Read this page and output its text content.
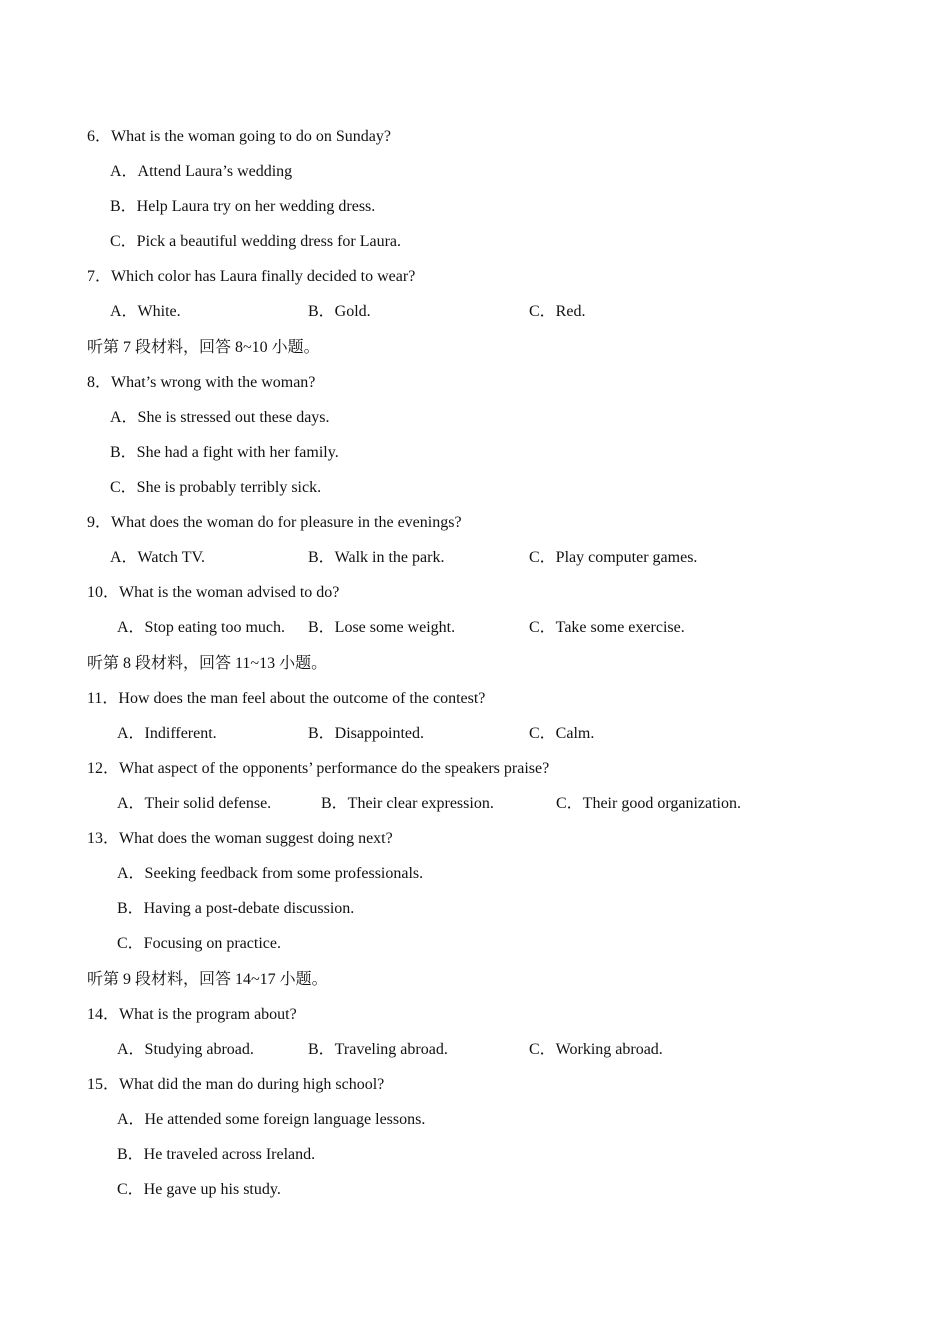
6．What is the woman going to do on Sunday?
A．Attend Laura’s wedding
B．Help Laura try on her wedding dress.
C．Pick a beautiful wedding dress for Laura.
7．Which color has Laura finally decided to wear?
A．White.	B．Gold.	C．Red.
听第 7 段材料，回答 8~10 小题。
8．What’s wrong with the woman?
A．She is stressed out these days.
B．She had a fight with her family.
C．She is probably terribly sick.
9．What does the woman do for pleasure in the evenings?
A．Watch TV.	B．Walk in the park.	C．Play computer games.
10．What is the woman advised to do?
A．Stop eating too much. B．Lose some weight.	C．Take some exercise.
听第 8 段材料，回答 11~13 小题。
11．How does the man feel about the outcome of the contest?
A．Indifferent.	B．Disappointed.	C．Calm.
12．What aspect of the opponents’ performance do the speakers praise?
A．Their solid defense.	B．Their clear expression.	C．Their good organization.
13．What does the woman suggest doing next?
A．Seeking feedback from some professionals.
B．Having a post-debate discussion.
C．Focusing on practice.
听第 9 段材料，回答 14~17 小题。
14．What is the program about?
A．Studying abroad.	B．Traveling abroad.	C．Working abroad.
15．What did the man do during high school?
A．He attended some foreign language lessons.
B．He traveled across Ireland.
C．He gave up his study.
